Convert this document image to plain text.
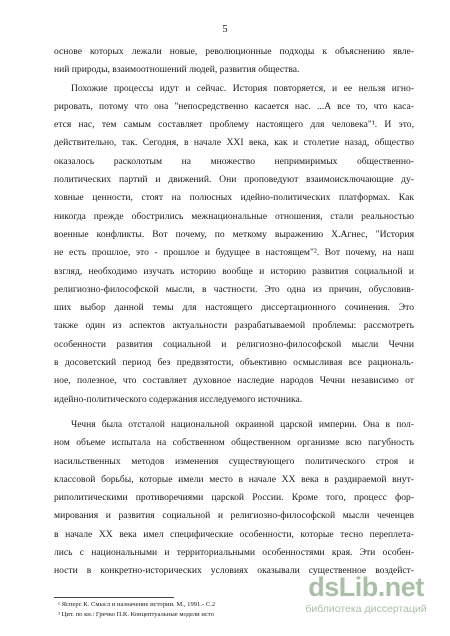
5
основе которых лежали новые, революционные подходы к объяснению явле-
ний природы, взаимоотношений людей, развития общества.
Похожие процессы идут и сейчас. История повторяется, и ее нельзя игно-
рировать, потому что она "непосредственно касается нас. ...А все то, что каса-
ется нас, тем самым составляет проблему настоящего для человека"¹. И это,
действительно, так. Сегодня, в начале XXI века, как и столетие назад, общество
оказалось расколотым на множество непримиримых общественно-
политических партий и движений. Они проповедуют взаимоисключающие ду-
ховные ценности, стоят на полюсных идейно-политических платформах. Как
никогда прежде обострились межнациональные отношения, стали реальностью
военные конфликты. Вот почему, по меткому выражению Х.Агнес, "История
не есть прошлое, это - прошлое и будущее в настоящем"². Вот почему, на наш
взгляд, необходимо изучать историю вообще и историю развития социальной и
религиозно-философской мысли, в частности. Это одна из причин, обусловив-
ших выбор данной темы для настоящего диссертационного сочинения. Это
также один из аспектов актуальности разрабатываемой проблемы: рассмотреть
особенности развития социальной и религиозно-философской мысли Чечни
в досоветский период без предвзятости, объективно осмысливая все рациональ-
ное, полезное, что составляет духовное наследие народов Чечни независимо от
идейно-политического содержания исследуемого источника.
Чечня была отсталой национальной окраиной царской империи. Она в пол-
ном объеме испытала на собственном общественном организме всю пагубность
насильственных методов изменения существующего политического строя и
классовой борьбы, которые имели место в начале XX века в раздираемой внут-
риполитическими противоречиями царской России. Кроме того, процесс фор-
мирования и развития социальной и религиозно-философской мысли чеченцев
в начале XX века имел специфические особенности, которые тесно переплета-
лись с национальными и территориальными особенностями края. Эти особен-
ности в конкретно-исторических условиях оказывали существенное воздейст-
¹ Ясперс К. Смысл и назначение истории. М., 1991.- С.2
² Цит. по кн.: Гречко П.К. Концептуальные модели исто
dsLib.net
библиотека диссертаций
